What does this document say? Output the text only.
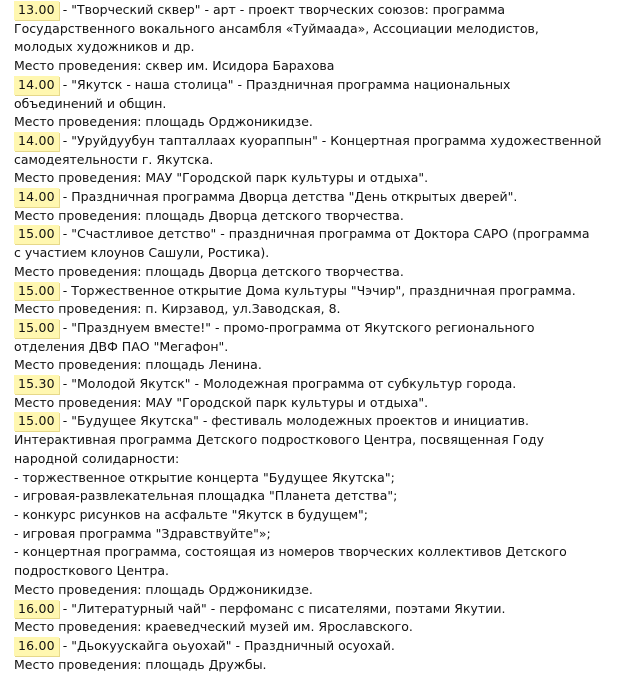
13.00 - "Творческий сквер" - арт - проект творческих союзов: программа
Государственного вокального ансамбля «Туймаада», Ассоциации мелодистов,
молодых художников и др.
Место проведения: сквер им. Исидора Барахова
14.00 - "Якутск - наша столица" - Праздничная программа национальных
объединений и общин.
Место проведения: площадь Орджоникидзе.
14.00 - "Уруйдуубун тапталлаах куораппын" - Концертная программа художественной
самодеятельности г. Якутска.
Место проведения: МАУ "Городской парк культуры и отдыха".
14.00 - Праздничная программа Дворца детства "День открытых дверей".
Место проведения: площадь Дворца детского творчества.
15.00 - "Счастливое детство" - праздничная программа от Доктора САРО (программа
с участием клоунов Сашули, Ростика).
Место проведения: площадь Дворца детского творчества.
15.00 - Торжественное открытие Дома культуры "Чэчир", праздничная программа.
Место проведения: п. Кирзавод, ул.Заводская, 8.
15.00 - "Празднуем вместе!" - промо-программа от Якутского регионального
отделения ДВФ ПАО "Мегафон".
Место проведения: площадь Ленина.
15.30 - "Молодой Якутск" - Молодежная программа от субкультур города.
Место проведения: МАУ "Городской парк культуры и отдыха".
15.00 - "Будущее Якутска" - фестиваль молодежных проектов и инициатив.
Интерактивная программа Детского подросткового Центра, посвященная Году
народной солидарности:
- торжественное открытие концерта "Будущее Якутска";
- игровая-развлекательная площадка "Планета детства";
- конкурс рисунков на асфальте "Якутск в будущем";
- игровая программа "Здравствуйте"»;
- концертная программа, состоящая из номеров творческих коллективов Детского
подросткового Центра.
Место проведения: площадь Орджоникидзе.
16.00 - "Литературный чай" - перфоманс с писателями, поэтами Якутии.
Место проведения: краеведческий музей им. Ярославского.
16.00 - "Дьокуускайга оьуохай" - Праздничный осуохай.
Место проведения: площадь Дружбы.
